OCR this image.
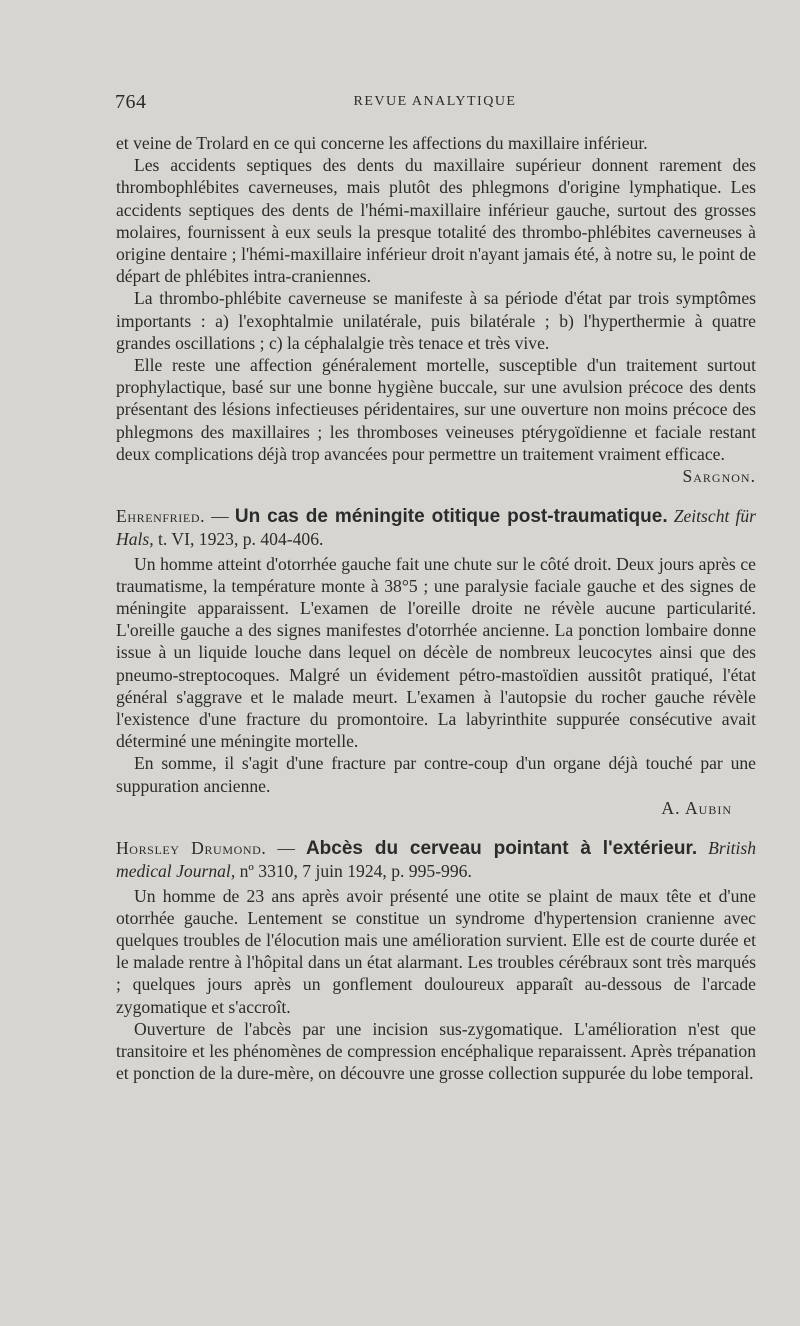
764	REVUE ANALYTIQUE

et veine de Trolard en ce qui concerne les affections du maxillaire inférieur.

Les accidents septiques des dents du maxillaire supérieur donnent rarement des thrombophlébites caverneuses, mais plutôt des phlegmons d'origine lymphatique. Les accidents septiques des dents de l'hémi-maxillaire inférieur gauche, surtout des grosses molaires, fournissent à eux seuls la presque totalité des thrombo-phlébites caverneuses à origine dentaire ; l'hémi-maxillaire inférieur droit n'ayant jamais été, à notre su, le point de départ de phlébites intra-craniennes.

La thrombo-phlébite caverneuse se manifeste à sa période d'état par trois symptômes importants : a) l'exophtalmie unilatérale, puis bilatérale ; b) l'hyperthermie à quatre grandes oscillations ; c) la céphalalgie très tenace et très vive.

Elle reste une affection généralement mortelle, susceptible d'un traitement surtout prophylactique, basé sur une bonne hygiène buccale, sur une avulsion précoce des dents présentant des lésions infectieuses péridentaires, sur une ouverture non moins précoce des phlegmons des maxillaires ; les thromboses veineuses ptérygoïdienne et faciale restant deux complications déjà trop avancées pour permettre un traitement vraiment efficace.

Sargnon.

Ehrenfried. — Un cas de méningite otitique post-traumatique. Zeitscht für Hals, t. VI, 1923, p. 404-406.

Un homme atteint d'otorrhée gauche fait une chute sur le côté droit. Deux jours après ce traumatisme, la température monte à 38°5 ; une paralysie faciale gauche et des signes de méningite apparaissent. L'examen de l'oreille droite ne révèle aucune particularité. L'oreille gauche a des signes manifestes d'otorrhée ancienne. La ponction lombaire donne issue à un liquide louche dans lequel on décèle de nombreux leucocytes ainsi que des pneumo-streptocoques. Malgré un évidement pétro-mastoïdien aussitôt pratiqué, l'état général s'aggrave et le malade meurt. L'examen à l'autopsie du rocher gauche révèle l'existence d'une fracture du promontoire. La labyrinthite suppurée consécutive avait déterminé une méningite mortelle.

En somme, il s'agit d'une fracture par contre-coup d'un organe déjà touché par une suppuration ancienne.

A. Aubin

Horsley Drumond. — Abcès du cerveau pointant à l'extérieur. British medical Journal, nº 3310, 7 juin 1924, p. 995-996.

Un homme de 23 ans après avoir présenté une otite se plaint de maux tête et d'une otorrhée gauche. Lentement se constitue un syndrome d'hypertension cranienne avec quelques troubles de l'élocution mais une amélioration survient. Elle est de courte durée et le malade rentre à l'hôpital dans un état alarmant. Les troubles cérébraux sont très marqués ; quelques jours après un gonflement douloureux apparaît au-dessous de l'arcade zygomatique et s'accroît.

Ouverture de l'abcès par une incision sus-zygomatique. L'amélioration n'est que transitoire et les phénomènes de compression encéphalique reparaissent. Après trépanation et ponction de la dure-mère, on découvre une grosse collection suppurée du lobe temporal.
